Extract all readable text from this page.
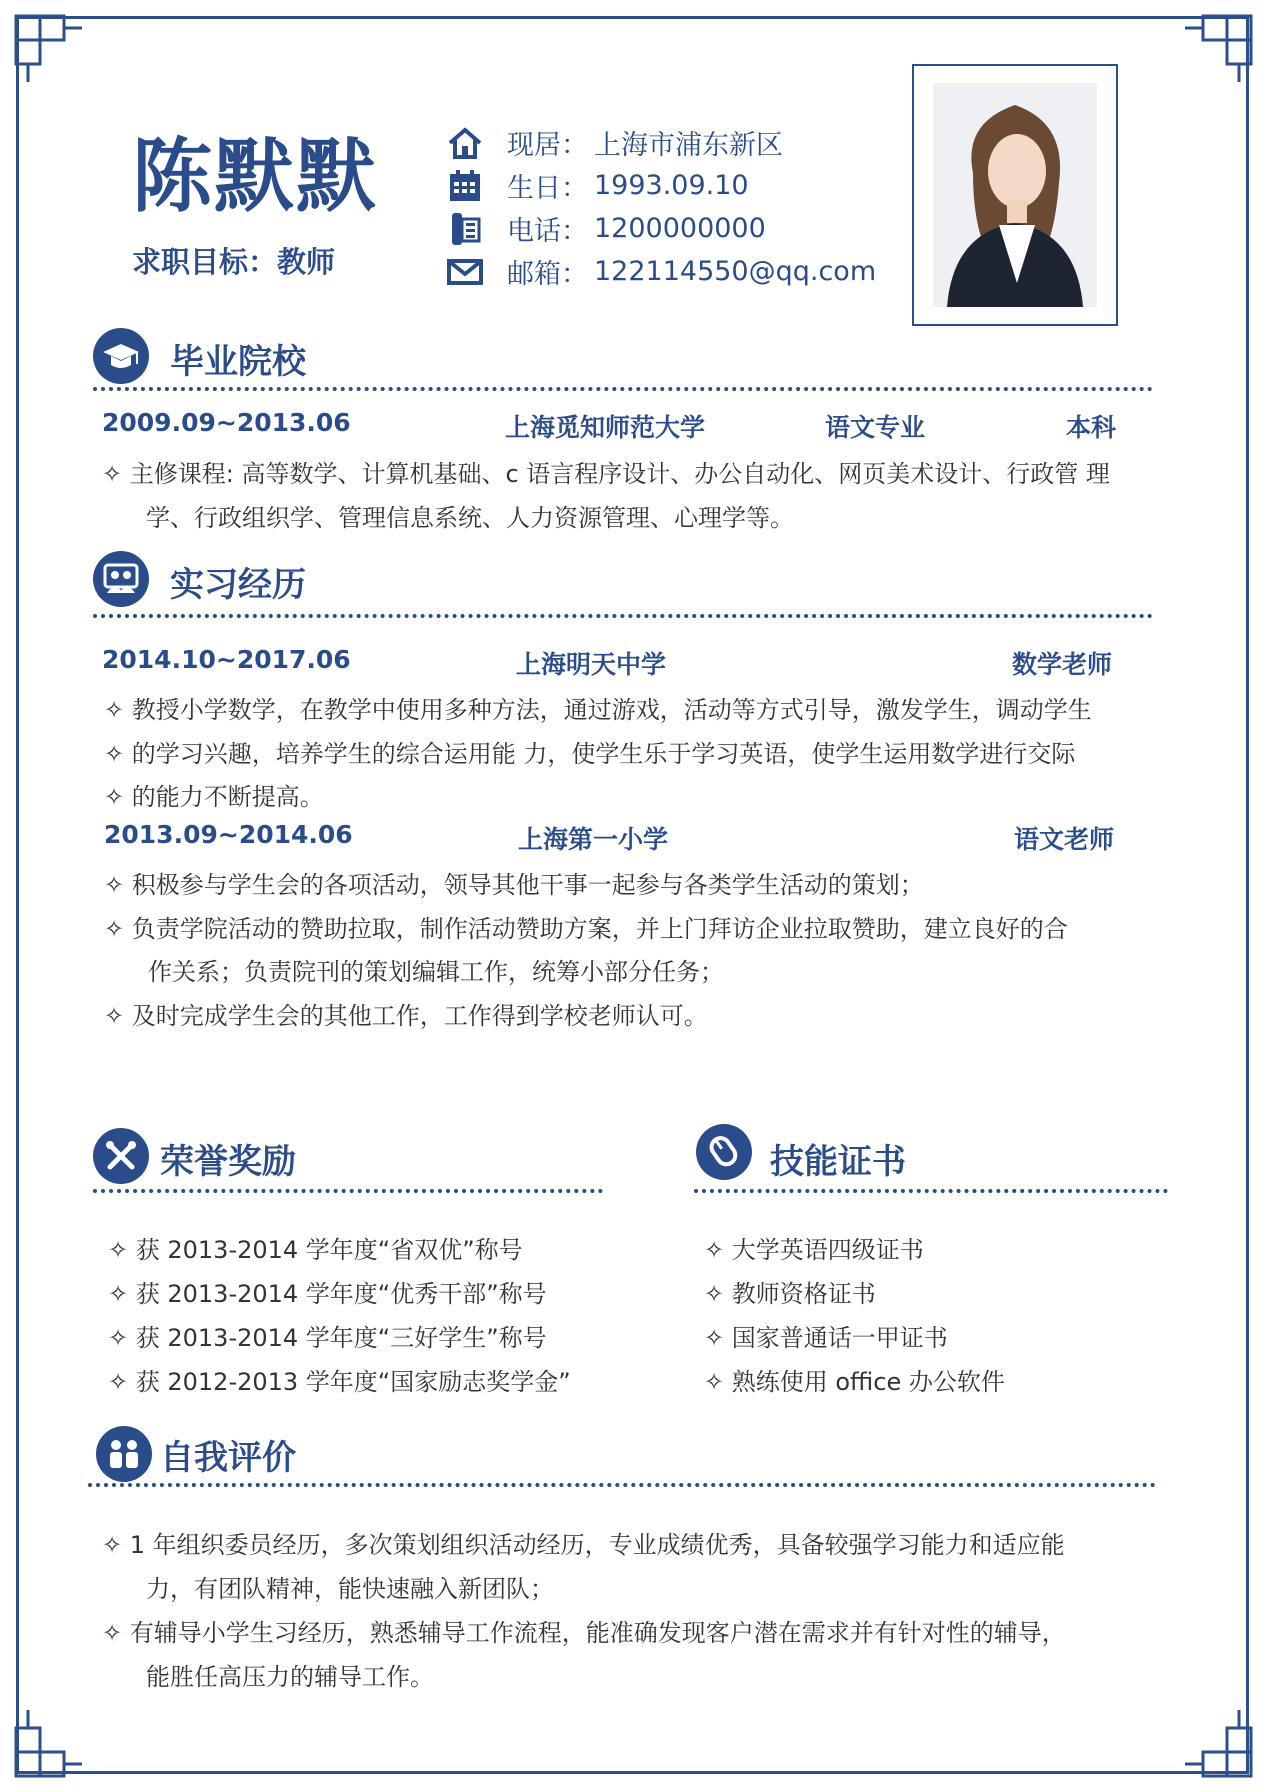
陈默默
求职目标：教师
现居： 上海市浦东新区
生日： 1993.09.10
电话： 1200000000
邮箱： 122114550@qq.com
毕业院校
2009.09~2013.06	上海觅知师范大学	语文专业	本科
✧ 主修课程: 高等数学、计算机基础、c 语言程序设计、办公自动化、网页美术设计、行政管 理
学、行政组织学、管理信息系统、人力资源管理、心理学等。
实习经历
2014.10~2017.06	上海明天中学	数学老师
✧ 教授小学数学，在教学中使用多种方法，通过游戏，活动等方式引导，激发学生，调动学生
✧ 的学习兴趣，培养学生的综合运用能 力，使学生乐于学习英语，使学生运用数学进行交际
✧ 的能力不断提高。
2013.09~2014.06	上海第一小学	语文老师
✧ 积极参与学生会的各项活动，领导其他干事一起参与各类学生活动的策划；
✧ 负责学院活动的赞助拉取，制作活动赞助方案，并上门拜访企业拉取赞助，建立良好的合
作关系；负责院刊的策划编辑工作，统筹小部分任务；
✧ 及时完成学生会的其他工作，工作得到学校老师认可。
荣誉奖励
✧ 获 2013-2014 学年度“省双优”称号
✧ 获 2013-2014 学年度“优秀干部”称号
✧ 获 2013-2014 学年度“三好学生”称号
✧ 获 2012-2013 学年度“国家励志奖学金”
技能证书
✧ 大学英语四级证书
✧ 教师资格证书
✧ 国家普通话一甲证书
✧ 熟练使用 office 办公软件
自我评价
✧ 1 年组织委员经历，多次策划组织活动经历，专业成绩优秀，具备较强学习能力和适应能
力，有团队精神，能快速融入新团队；
✧ 有辅导小学生习经历，熟悉辅导工作流程，能准确发现客户潜在需求并有针对性的辅导，
能胜任高压力的辅导工作。
